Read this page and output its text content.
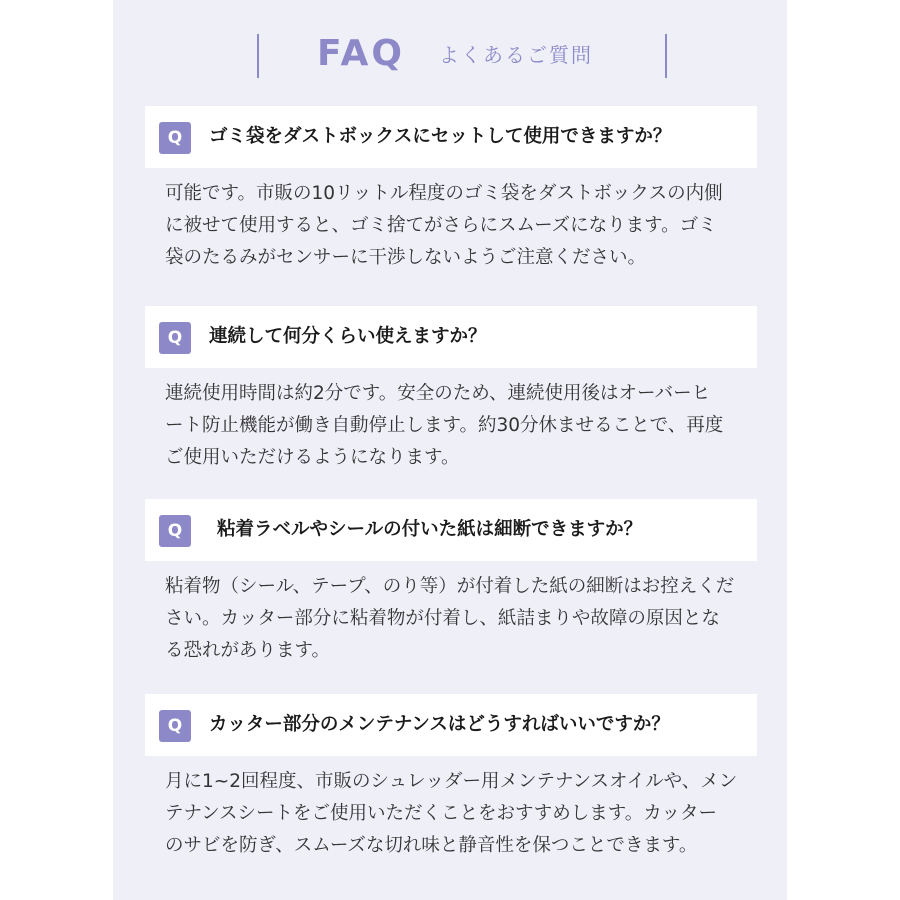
FAQ よくあるご質問
Q	ゴミ袋をダストボックスにセットして使用できますか？
可能です。市販の10リットル程度のゴミ袋をダストボックスの内側
に被せて使用すると、ゴミ捨てがさらにスムーズになります。ゴミ
袋のたるみがセンサーに干渉しないようご注意ください。
Q	連続して何分くらい使えますか？
連続使用時間は約2分です。安全のため、連続使用後はオーバーヒ
ート防止機能が働き自動停止します。約30分休ませることで、再度
ご使用いただけるようになります。
Q	粘着ラベルやシールの付いた紙は細断できますか？
粘着物（シール、テープ、のり等）が付着した紙の細断はお控えくだ
さい。カッター部分に粘着物が付着し、紙詰まりや故障の原因とな
る恐れがあります。
Q	カッター部分のメンテナンスはどうすればいいですか？
月に1~2回程度、市販のシュレッダー用メンテナンスオイルや、メン
テナンスシートをご使用いただくことをおすすめします。カッター
のサビを防ぎ、スムーズな切れ味と静音性を保つことできます。
